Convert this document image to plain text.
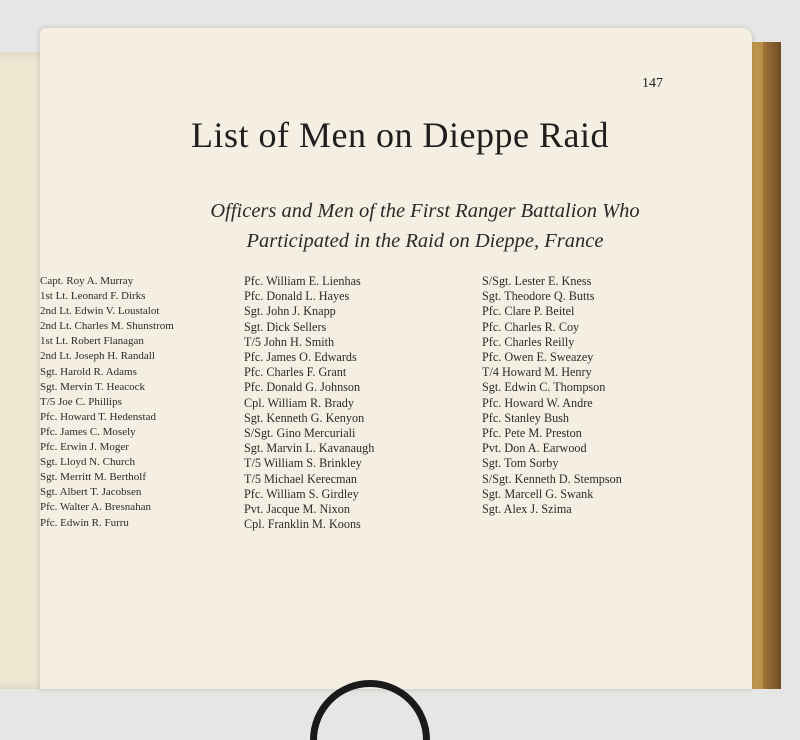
147
List of Men on Dieppe Raid

Officers and Men of the First Ranger Battalion Who Participated in the Raid on Dieppe, France

Capt. Roy A. Murray
1st Lt. Leonard F. Dirks
2nd Lt. Edwin V. Loustalot
2nd Lt. Charles M. Shunstrom
1st Lt. Robert Flanagan
2nd Lt. Joseph H. Randall
Sgt. Harold R. Adams
Sgt. Mervin T. Heacock
T/5 Joe C. Phillips
Pfc. Howard T. Hedenstad
Pfc. James C. Mosely
Pfc. Erwin J. Moger
Sgt. Lloyd N. Church
Sgt. Merritt M. Bertholf
Sgt. Albert T. Jacobsen
Pfc. Walter A. Bresnahan
Pfc. Edwin R. Furru
Pfc. William E. Lienhas
Pfc. Donald L. Hayes
Sgt. John J. Knapp
Sgt. Dick Sellers
T/5 John H. Smith
Pfc. James O. Edwards
Pfc. Charles F. Grant
Pfc. Donald G. Johnson
Cpl. William R. Brady
Sgt. Kenneth G. Kenyon
S/Sgt. Gino Mercuriali
Sgt. Marvin L. Kavanaugh
T/5 William S. Brinkley
T/5 Michael Kerecman
Pfc. William S. Girdley
Pvt. Jacque M. Nixon
Cpl. Franklin M. Koons
S/Sgt. Lester E. Kness
Sgt. Theodore Q. Butts
Pfc. Clare P. Beitel
Pfc. Charles R. Coy
Pfc. Charles Reilly
Pfc. Owen E. Sweazey
T/4 Howard M. Henry
Sgt. Edwin C. Thompson
Pfc. Howard W. Andre
Pfc. Stanley Bush
Pfc. Pete M. Preston
Pvt. Don A. Earwood
Sgt. Tom Sorby
S/Sgt. Kenneth D. Stempson
Sgt. Marcell G. Swank
Sgt. Alex J. Szima
